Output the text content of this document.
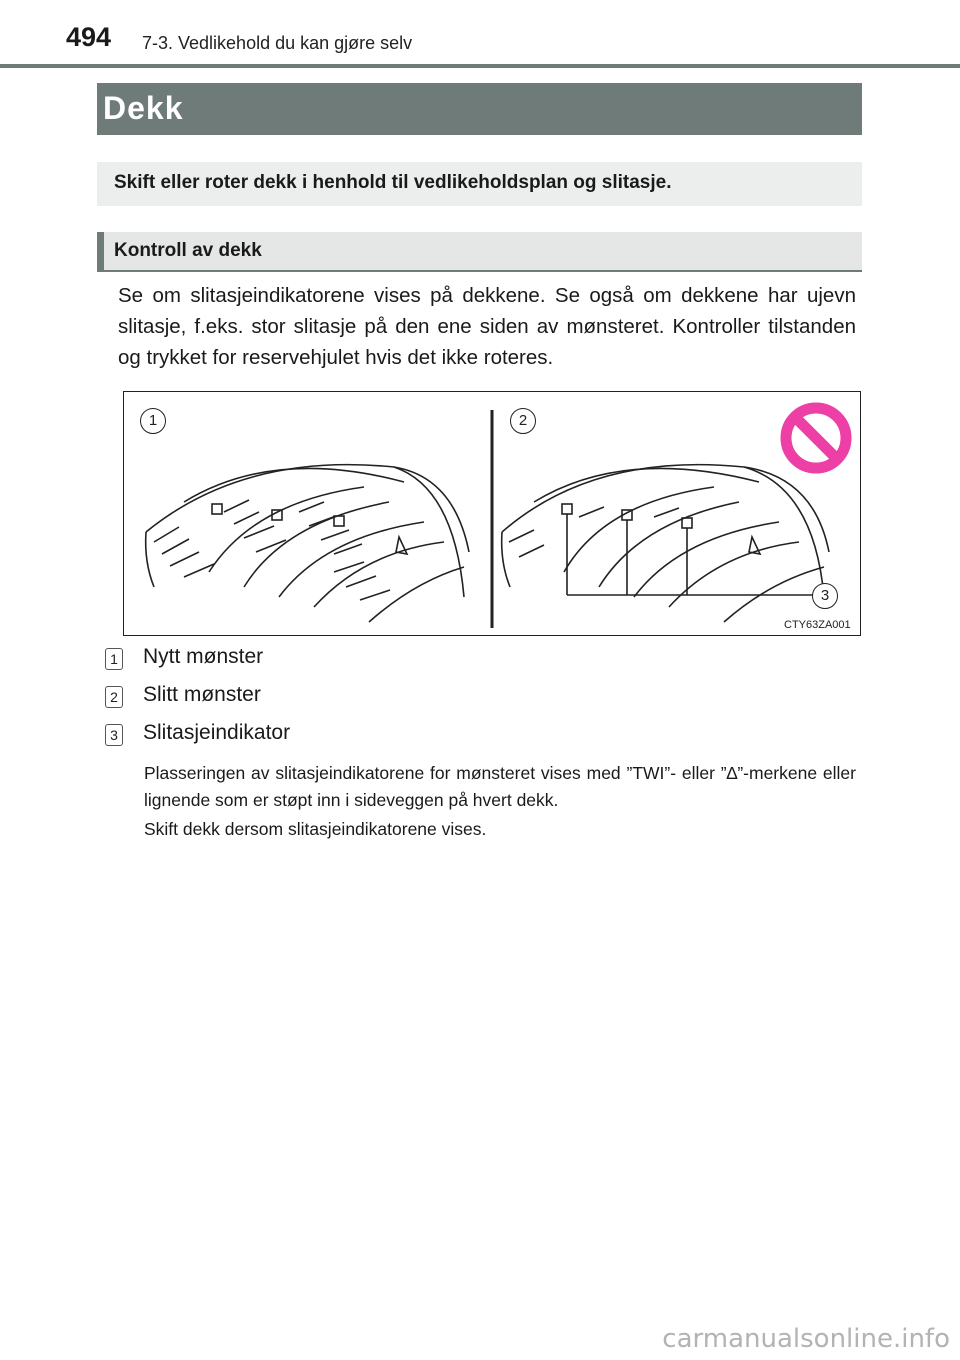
494 7-3. Vedlikehold du kan gjøre selv
Dekk
Skift eller roter dekk i henhold til vedlikeholdsplan og slitasje.
Kontroll av dekk
Se om slitasjeindikatorene vises på dekkene. Se også om dekkene har ujevn slitasje, f.eks. stor slitasje på den ene siden av mønsteret. Kontroller tilstanden og trykket for reservehjulet hvis det ikke roteres.
1	2
3
CTY63ZA001
1 Nytt mønster
2 Slitt mønster
3 Slitasjeindikator
Plasseringen av slitasjeindikatorene for mønsteret vises med ”TWI”- eller ”∆”-merkene eller lignende som er støpt inn i sideveggen på hvert dekk.
Skift dekk dersom slitasjeindikatorene vises.
carmanualsonline.info
